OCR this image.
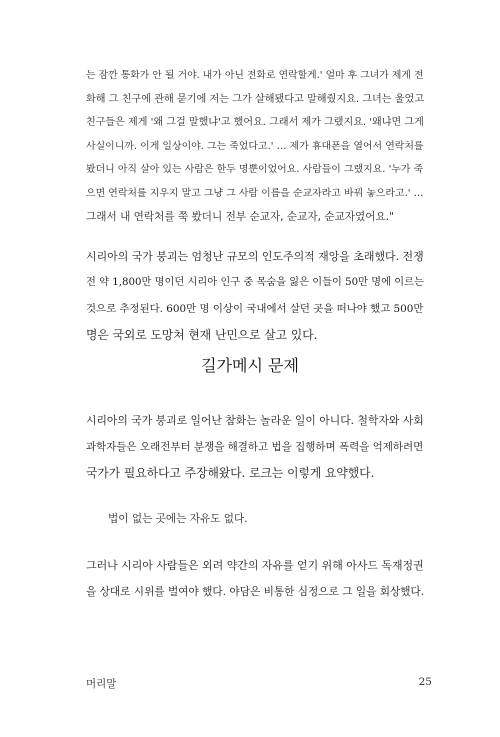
는 잠깐 통화가 안 될 거야. 내가 아닌 전화로 연락할게.' 얼마 후 그녀가 제게 전
화해 그 친구에 관해 묻기에 저는 그가 살해됐다고 말해줬지요. 그녀는 울었고
친구들은 제게 '왜 그걸 말했냐'고 했어요. 그래서 제가 그랬지요. '왜냐면 그게
사실이니까. 이게 일상이야. 그는 죽었다고.' … 제가 휴대폰을 열어서 연락처를
봤더니 아직 살아 있는 사람은 한두 명뿐이었어요. 사람들이 그랬지요. '누가 죽
으면 연락처를 지우지 말고 그냥 그 사람 이름을 순교자라고 바꿔 놓으라고.' …
그래서 내 연락처를 쭉 봤더니 전부 순교자, 순교자, 순교자였어요."
시리아의 국가 붕괴는 엄청난 규모의 인도주의적 재앙을 초래했다. 전쟁
전 약 1,800만 명이던 시리아 인구 중 목숨을 잃은 이들이 50만 명에 이르는
것으로 추정된다. 600만 명 이상이 국내에서 살던 곳을 떠나야 했고 500만
명은 국외로 도망쳐 현재 난민으로 살고 있다.
길가메시 문제
시리아의 국가 붕괴로 일어난 참화는 놀라운 일이 아니다. 철학자와 사회
과학자들은 오래전부터 분쟁을 해결하고 법을 집행하며 폭력을 억제하려면
국가가 필요하다고 주장해왔다. 로크는 이렇게 요약했다.
법이 없는 곳에는 자유도 없다.
그러나 시리아 사람들은 외려 약간의 자유를 얻기 위해 아사드 독재정권
을 상대로 시위를 벌여야 했다. 야담은 비통한 심정으로 그 일을 회상했다.
머리말	25
